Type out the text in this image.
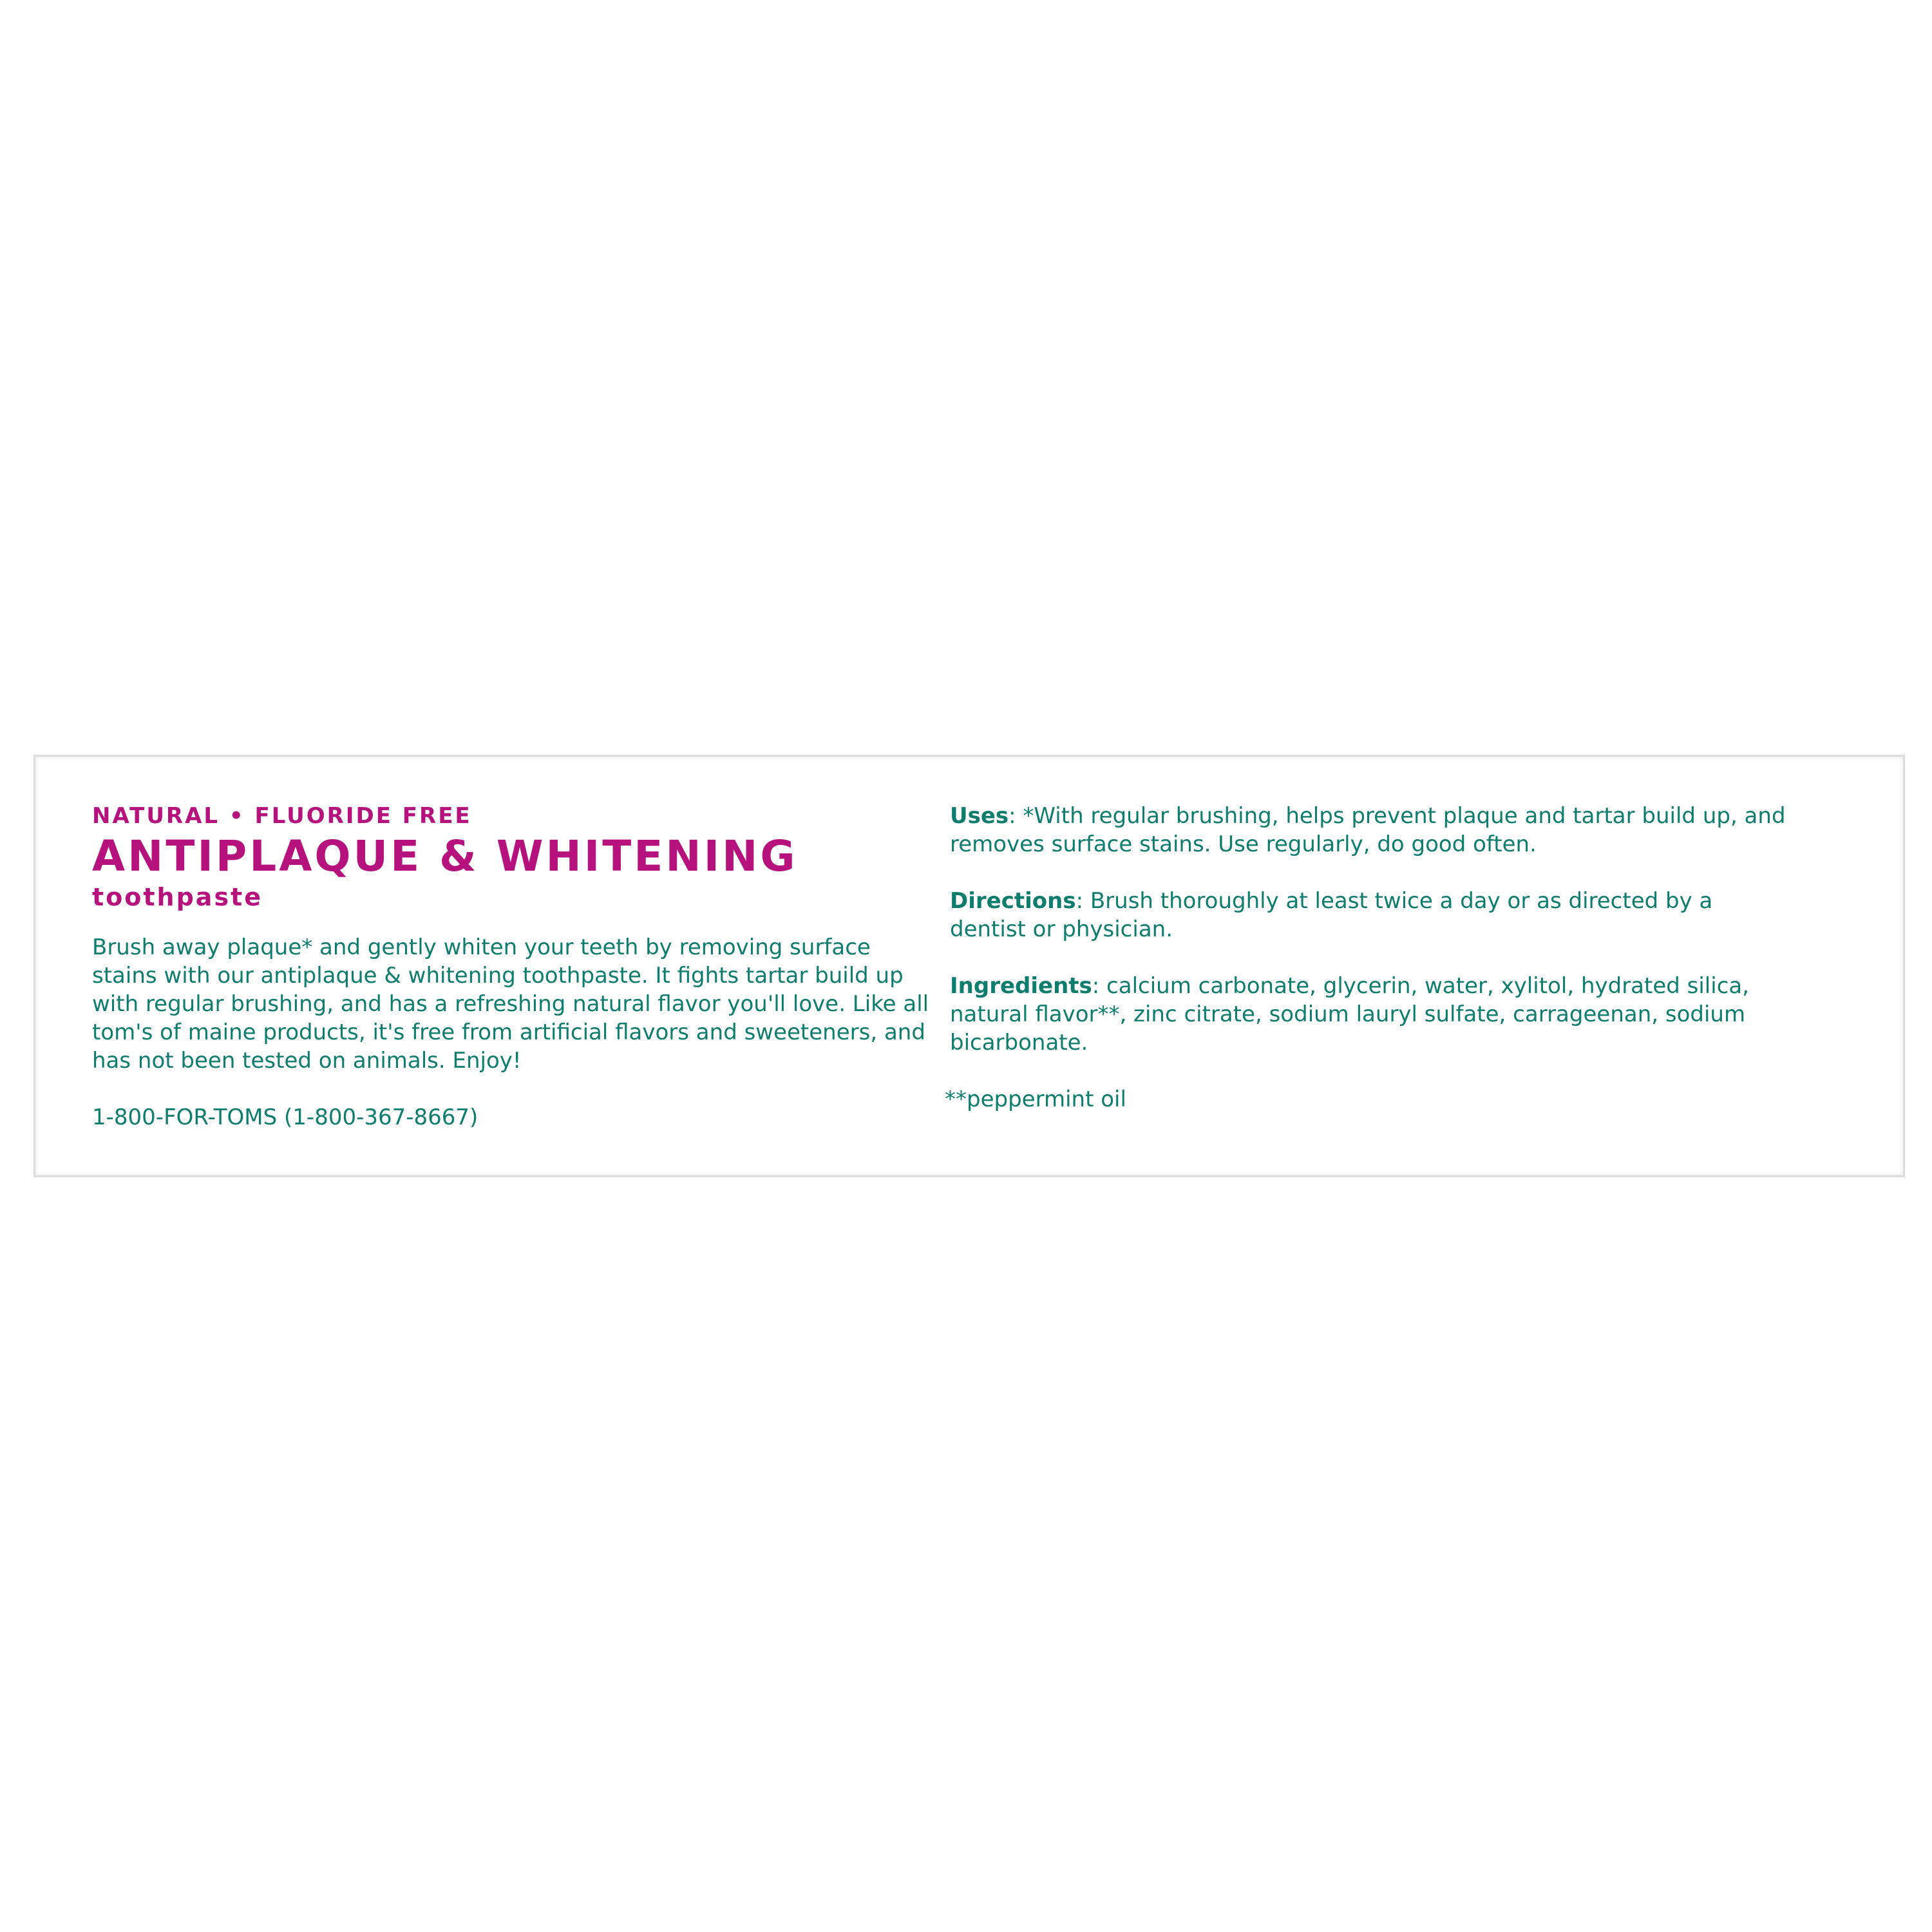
NATURAL • FLUORIDE FREE

ANTIPLAQUE & WHITENING

toothpaste

Brush away plaque* and gently whiten your teeth by removing surface stains with our antiplaque & whitening toothpaste. It fights tartar build up with regular brushing, and has a refreshing natural flavor you'll love. Like all tom's of maine products, it's free from artificial flavors and sweeteners, and has not been tested on animals. Enjoy!

1-800-FOR-TOMS (1-800-367-8667)

Uses: *With regular brushing, helps prevent plaque and tartar build up, and removes surface stains. Use regularly, do good often.

Directions: Brush thoroughly at least twice a day or as directed by a dentist or physician.

Ingredients: calcium carbonate, glycerin, water, xylitol, hydrated silica, natural flavor**, zinc citrate, sodium lauryl sulfate, carrageenan, sodium bicarbonate.

**peppermint oil
